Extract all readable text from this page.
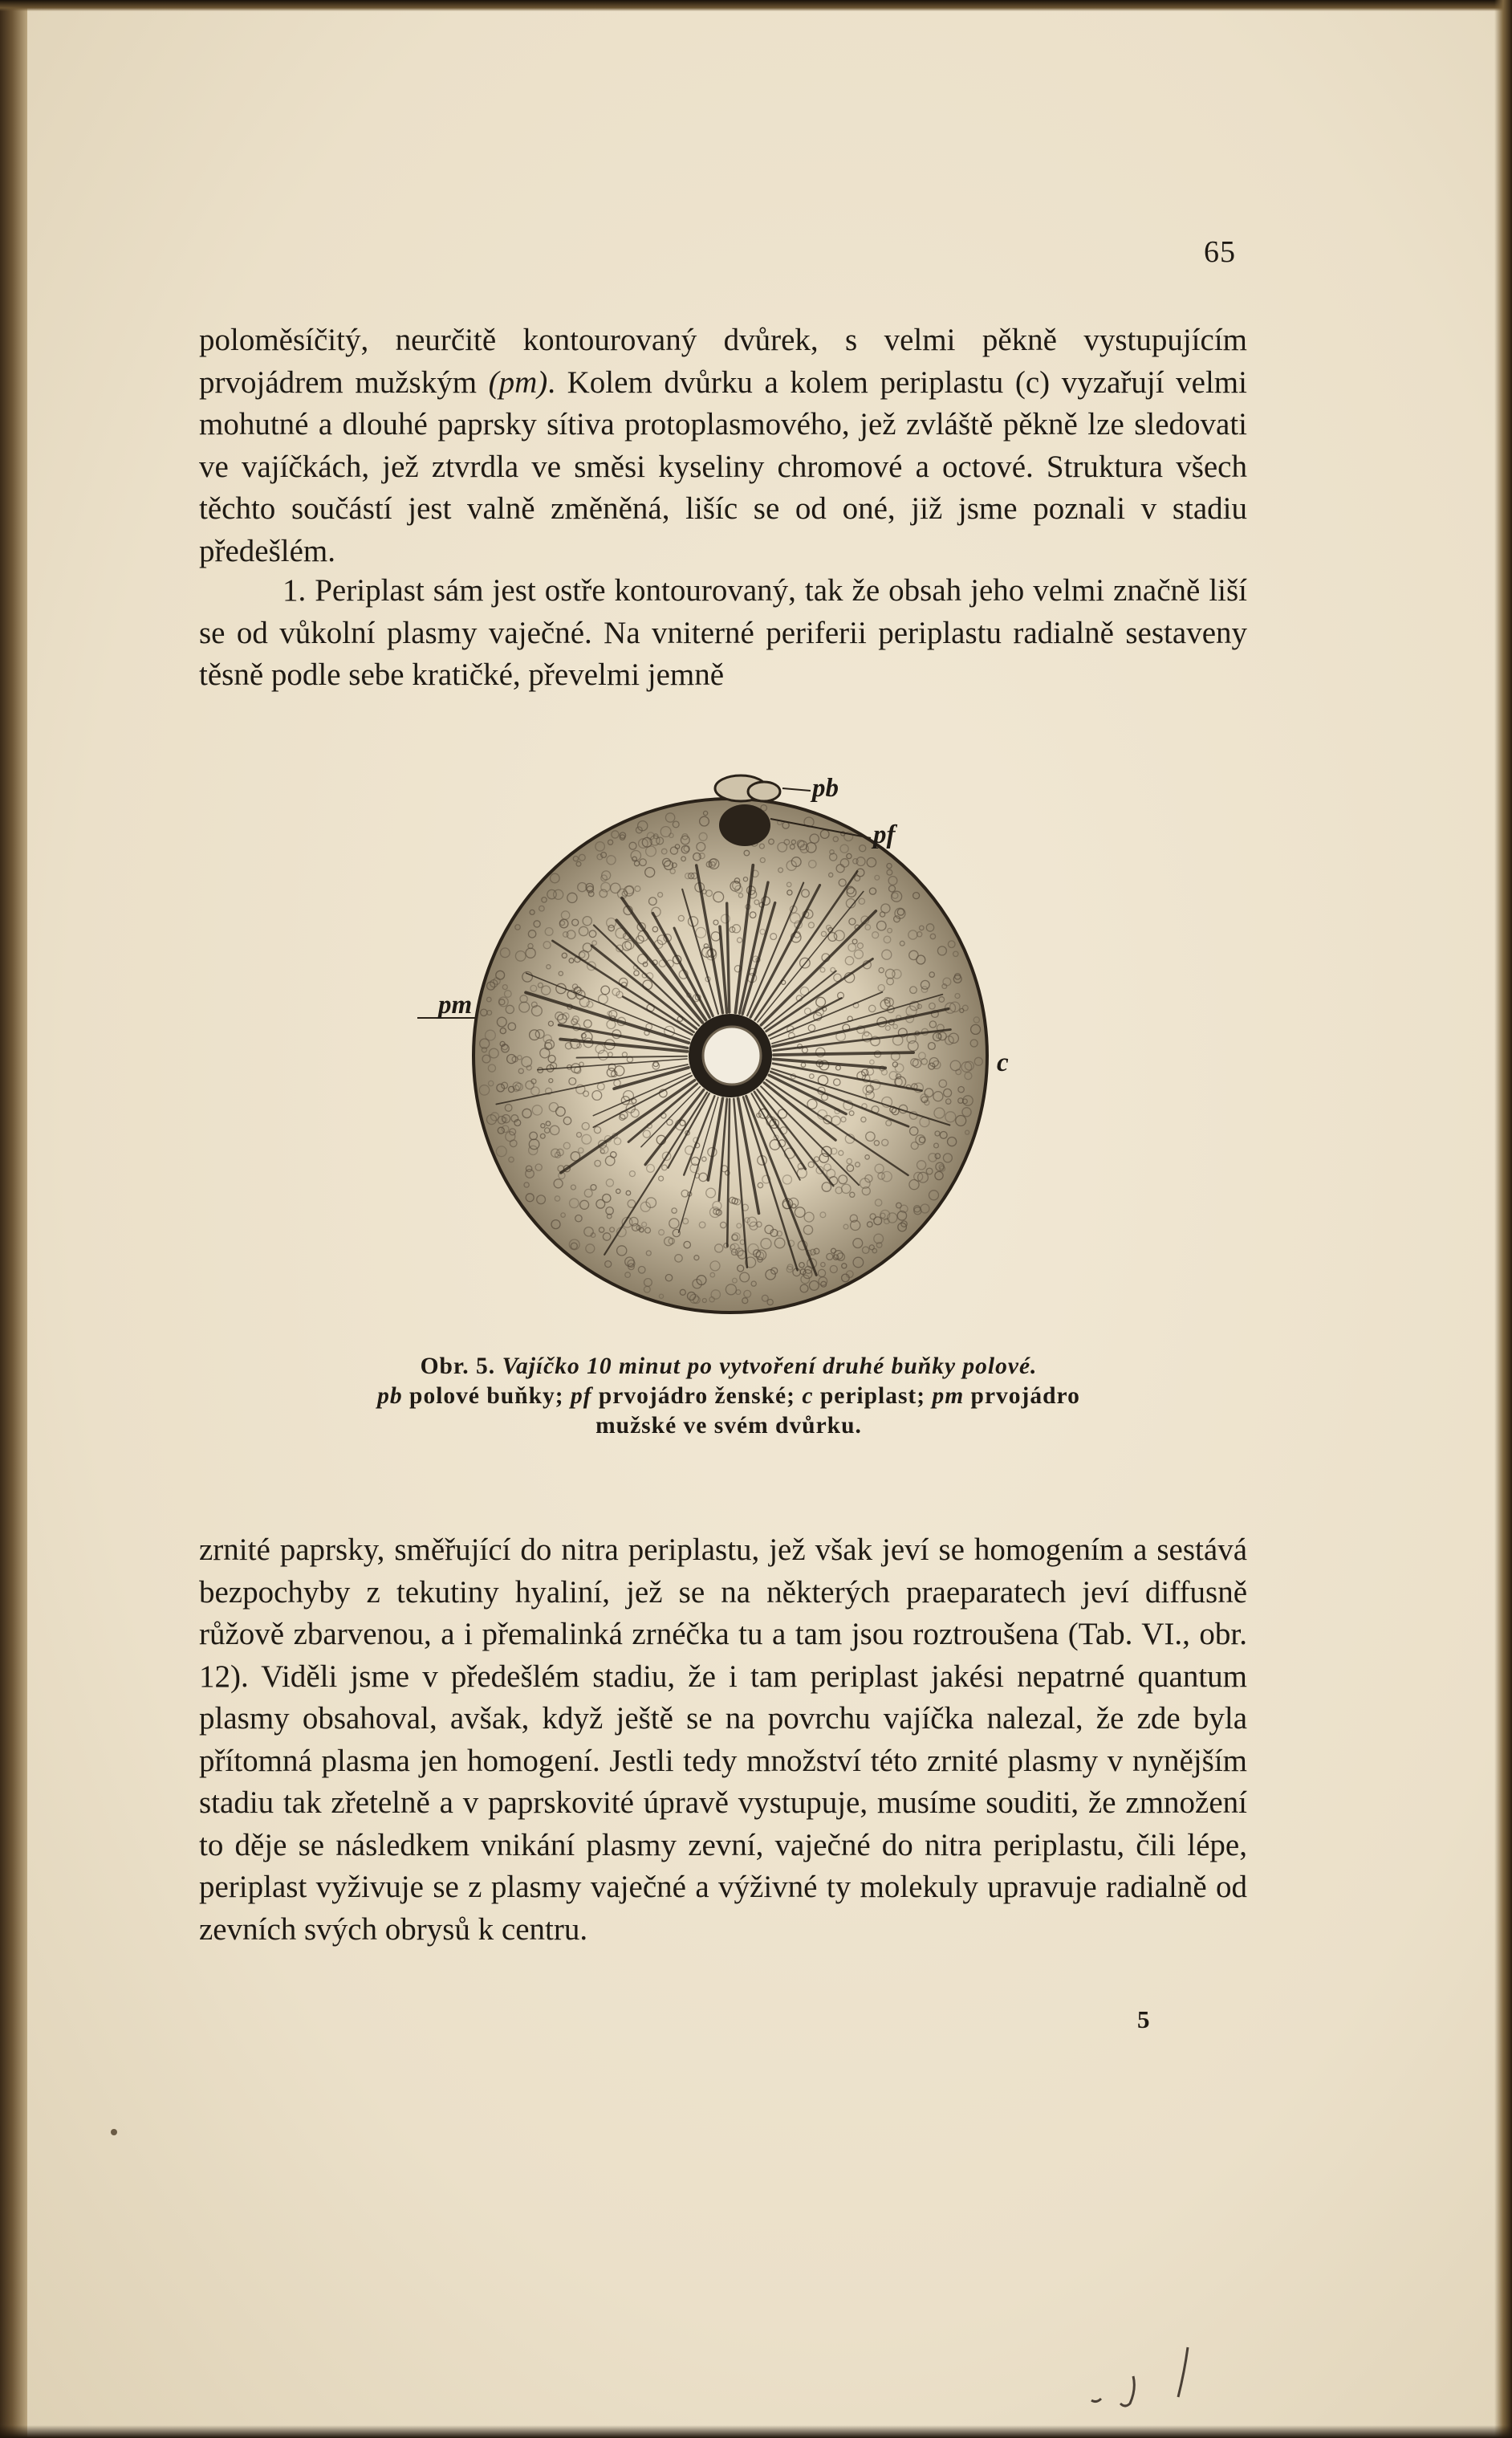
65

poloměsíčitý, neurčitě kontourovaný dvůrek, s velmi pěkně vystupujícím prvojádrem mužským (pm). Kolem dvůrku a kolem periplastu (c) vyzařují velmi mohutné a dlouhé paprsky sítiva protoplasmového, jež zvláště pěkně lze sledovati ve vajíčkách, jež ztvrdla ve směsi kyseliny chromové a octové. Struktura všech těchto součástí jest valně změněná, lišíc se od oné, již jsme poznali v stadiu předešlém.

1. Periplast sám jest ostře kontourovaný, tak že obsah jeho velmi značně liší se od vůkolní plasmy vaječné. Na vniterné periferii periplastu radialně sestaveny těsně podle sebe kratičké, převelmi jemně

pb
pf
pm
c
Obr. 5. Vajíčko 10 minut po vytvoření druhé buňky polové.
pb polové buňky; pf prvojádro ženské; c periplast; pm prvojádro
mužské ve svém dvůrku.

zrnité paprsky, směřující do nitra periplastu, jež však jeví se homogením a sestává bezpochyby z tekutiny hyaliní, jež se na některých praeparatech jeví diffusně růžově zbarvenou, a i přemalinká zrnéčka tu a tam jsou roztroušena (Tab. VI., obr. 12). Viděli jsme v předešlém stadiu, že i tam periplast jakési nepatrné quantum plasmy obsahoval, avšak, když ještě se na povrchu vajíčka nalezal, že zde byla přítomná plasma jen homogení. Jestli tedy množství této zrnité plasmy v nynějším stadiu tak zřetelně a v paprskovité úpravě vystupuje, musíme souditi, že zmnožení to děje se následkem vnikání plasmy zevní, vaječné do nitra periplastu, čili lépe, periplast vyživuje se z plasmy vaječné a výživné ty molekuly upravuje radialně od zevních svých obrysů k centru.

5
